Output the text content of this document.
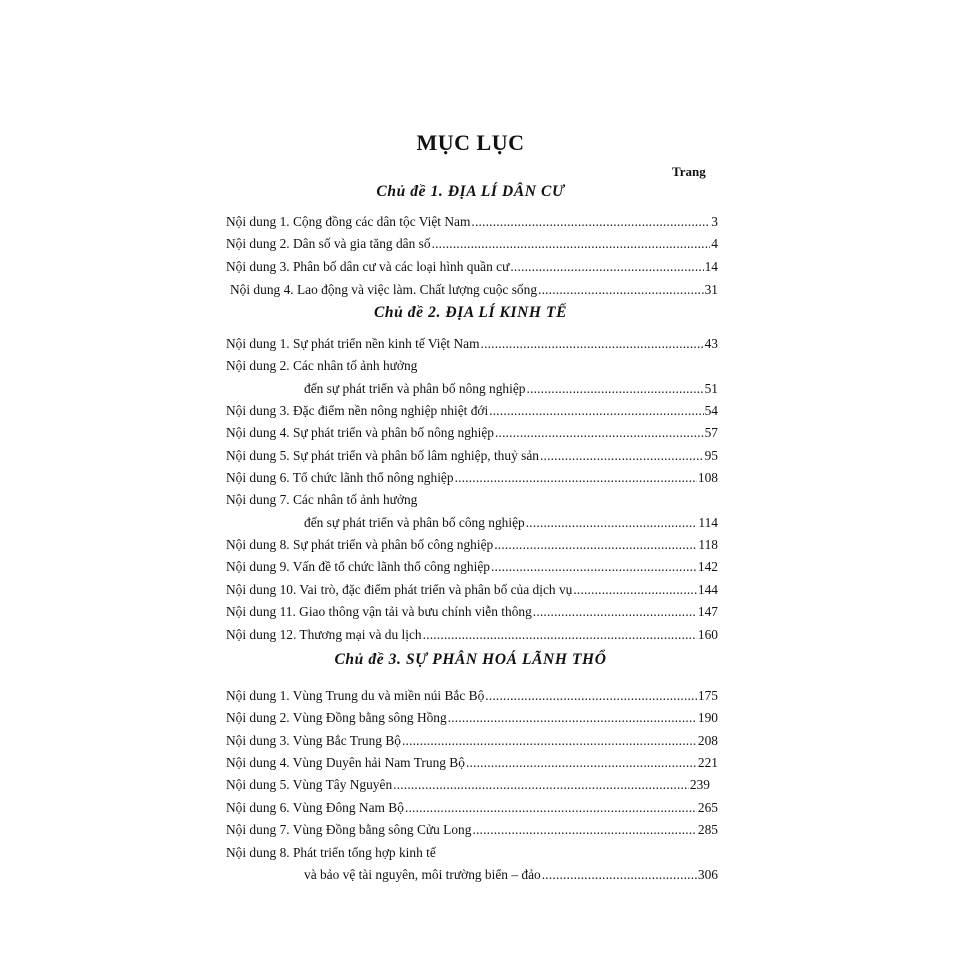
MỤC LỤC
Trang
Chủ đề 1. ĐỊA LÍ DÂN CƯ
Nội dung 1. Cộng đồng các dân tộc Việt Nam .....	3
Nội dung 2. Dân số và gia tăng dân số .....	4
Nội dung 3. Phân bố dân cư và các loại hình quần cư .....	14
Nội dung 4. Lao động và việc làm. Chất lượng cuộc sống .....	31
Chủ đề 2. ĐỊA LÍ KINH TẾ
Nội dung 1. Sự phát triển nền kinh tế Việt Nam .....	43
Nội dung 2. Các nhân tố ảnh hưởng
đến sự phát triển và phân bố nông nghiệp .....	51
Nội dung 3. Đặc điểm nền nông nghiệp nhiệt đới .....	54
Nội dung 4. Sự phát triển và phân bố nông nghiệp .....	57
Nội dung 5. Sự phát triển và phân bố lâm nghiệp, thuỷ sản .....	95
Nội dung 6. Tổ chức lãnh thổ nông nghiệp .....	108
Nội dung 7. Các nhân tố ảnh hưởng
đến sự phát triển và phân bố công nghiệp .....	114
Nội dung 8. Sự phát triển và phân bố công nghiệp .....	118
Nội dung 9. Vấn đề tổ chức lãnh thổ công nghiệp .....	142
Nội dung 10. Vai trò, đặc điểm phát triển và phân bố của dịch vụ .....	144
Nội dung 11. Giao thông vận tải và bưu chính viễn thông .....	147
Nội dung 12. Thương mại và du lịch .....	160
Chủ đề 3. SỰ PHÂN HOÁ LÃNH THỔ
Nội dung 1. Vùng Trung du và miền núi Bắc Bộ .....	175
Nội dung 2. Vùng Đồng bằng sông Hồng .....	190
Nội dung 3. Vùng Bắc Trung Bộ .....	208
Nội dung 4. Vùng Duyên hải Nam Trung Bộ .....	221
Nội dung 5. Vùng Tây Nguyên .....	239
Nội dung 6. Vùng Đông Nam Bộ .....	265
Nội dung 7. Vùng Đồng bằng sông Cửu Long .....	285
Nội dung 8. Phát triển tổng hợp kinh tế
và bảo vệ tài nguyên, môi trường biển – đảo .....	306
